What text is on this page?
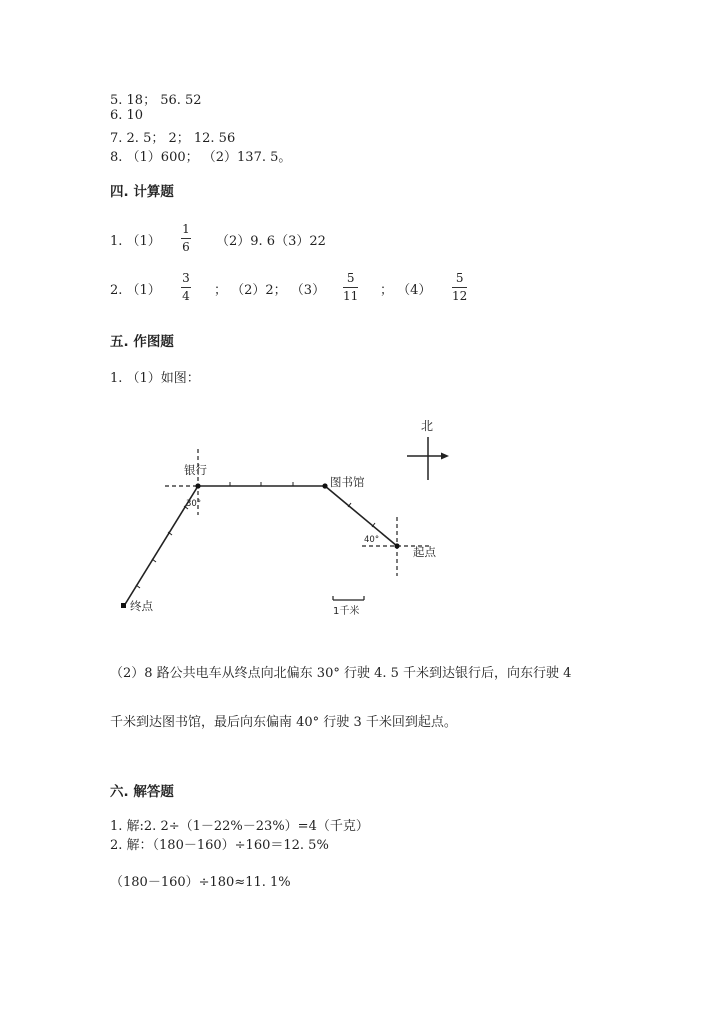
5. 18； 56. 52
6. 10
7. 2. 5； 2； 12. 56
8. （1）600； （2）137. 5。
四. 计算题
1. （1）
1
6 （2）9. 6（3）22
2. （1）
3
4 ； （2）2； （3）
5
11 ； （4）
5
12
五. 作图题
1. （1）如图：
北
银行
图书馆
起点
终点
30°
40°
1千米
（2）8 路公共电车从终点向北偏东 30° 行驶 4. 5 千米到达银行后，向东行驶 4
千米到达图书馆，最后向东偏南 40° 行驶 3 千米回到起点。
六. 解答题
1. 解:2. 2÷（1－22%－23%）=4（千克）
2. 解：（180－160）÷160＝12. 5%
（180－160）÷180≈11. 1%
